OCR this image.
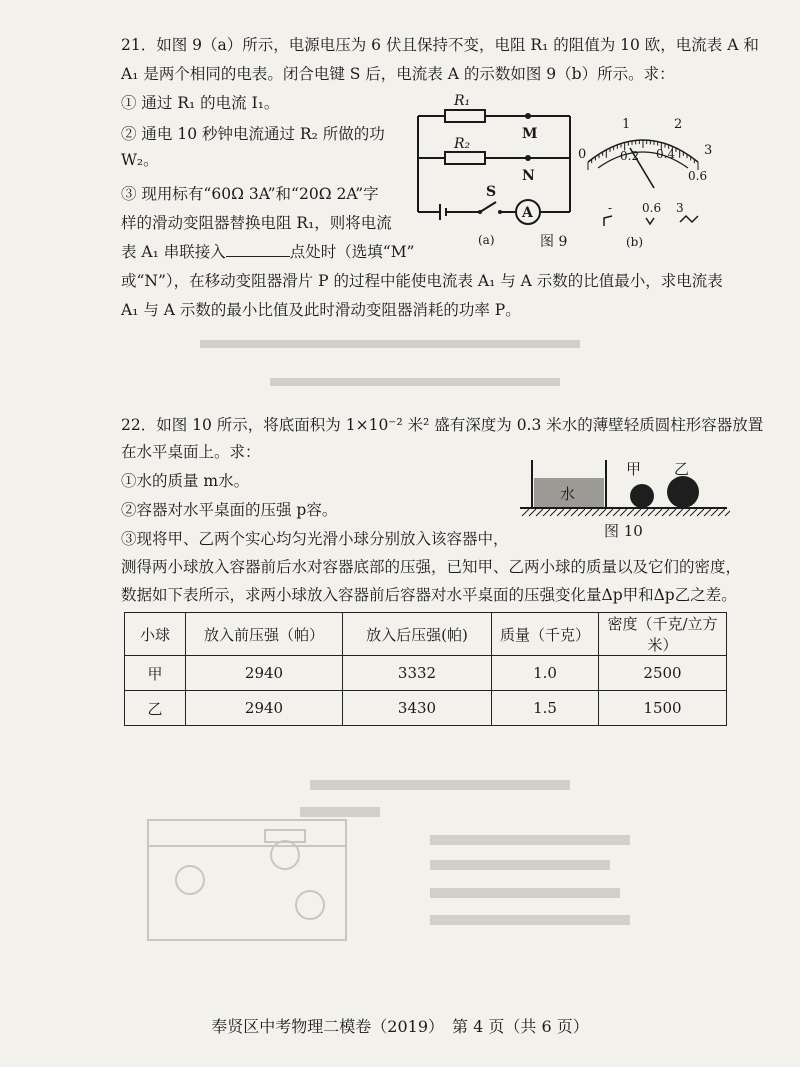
21．如图 9（a）所示，电源电压为 6 伏且保持不变，电阻 R₁ 的阻值为 10 欧，电流表 A 和
A₁ 是两个相同的电表。闭合电键 S 后，电流表 A 的示数如图 9（b）所示。求：
① 通过 R₁ 的电流 I₁。
② 通电 10 秒钟电流通过 R₂ 所做的功
W₂。
③ 现用标有“60Ω 3A”和“20Ω 2A”字
样的滑动变阻器替换电阻 R₁，则将电流
表 A₁ 串联接入	点处时（选填“M”
或“N”），在移动变阻器滑片 P 的过程中能使电流表 A₁ 与 A 示数的比值最小，求电流表
A₁ 与 A 示数的最小比值及此时滑动变阻器消耗的功率 P。
R₁
R₂
M
N
S
A
(a)	图 9
0
1	2
3
0.2 0.4
0.6
- 0.6 3
(b)
22．如图 10 所示，将底面积为 1×10⁻² 米² 盛有深度为 0.3 米水的薄壁轻质圆柱形容器放置
在水平桌面上。求：
①水的质量 m水。
②容器对水平桌面的压强 p容。
③现将甲、乙两个实心均匀光滑小球分别放入该容器中，
测得两小球放入容器前后水对容器底部的压强，已知甲、乙两小球的质量以及它们的密度，
数据如下表所示，求两小球放入容器前后容器对水平桌面的压强变化量Δp甲和Δp乙之差。
水
甲 乙
图 10
小球	放入前压强（帕）	放入后压强(帕)	质量（千克）	密度（千克/立方米）
甲	2940	3332	1.0	2500
乙	2940	3430	1.5	1500
奉贤区中考物理二模卷（2019）　第 4 页（共 6 页）
